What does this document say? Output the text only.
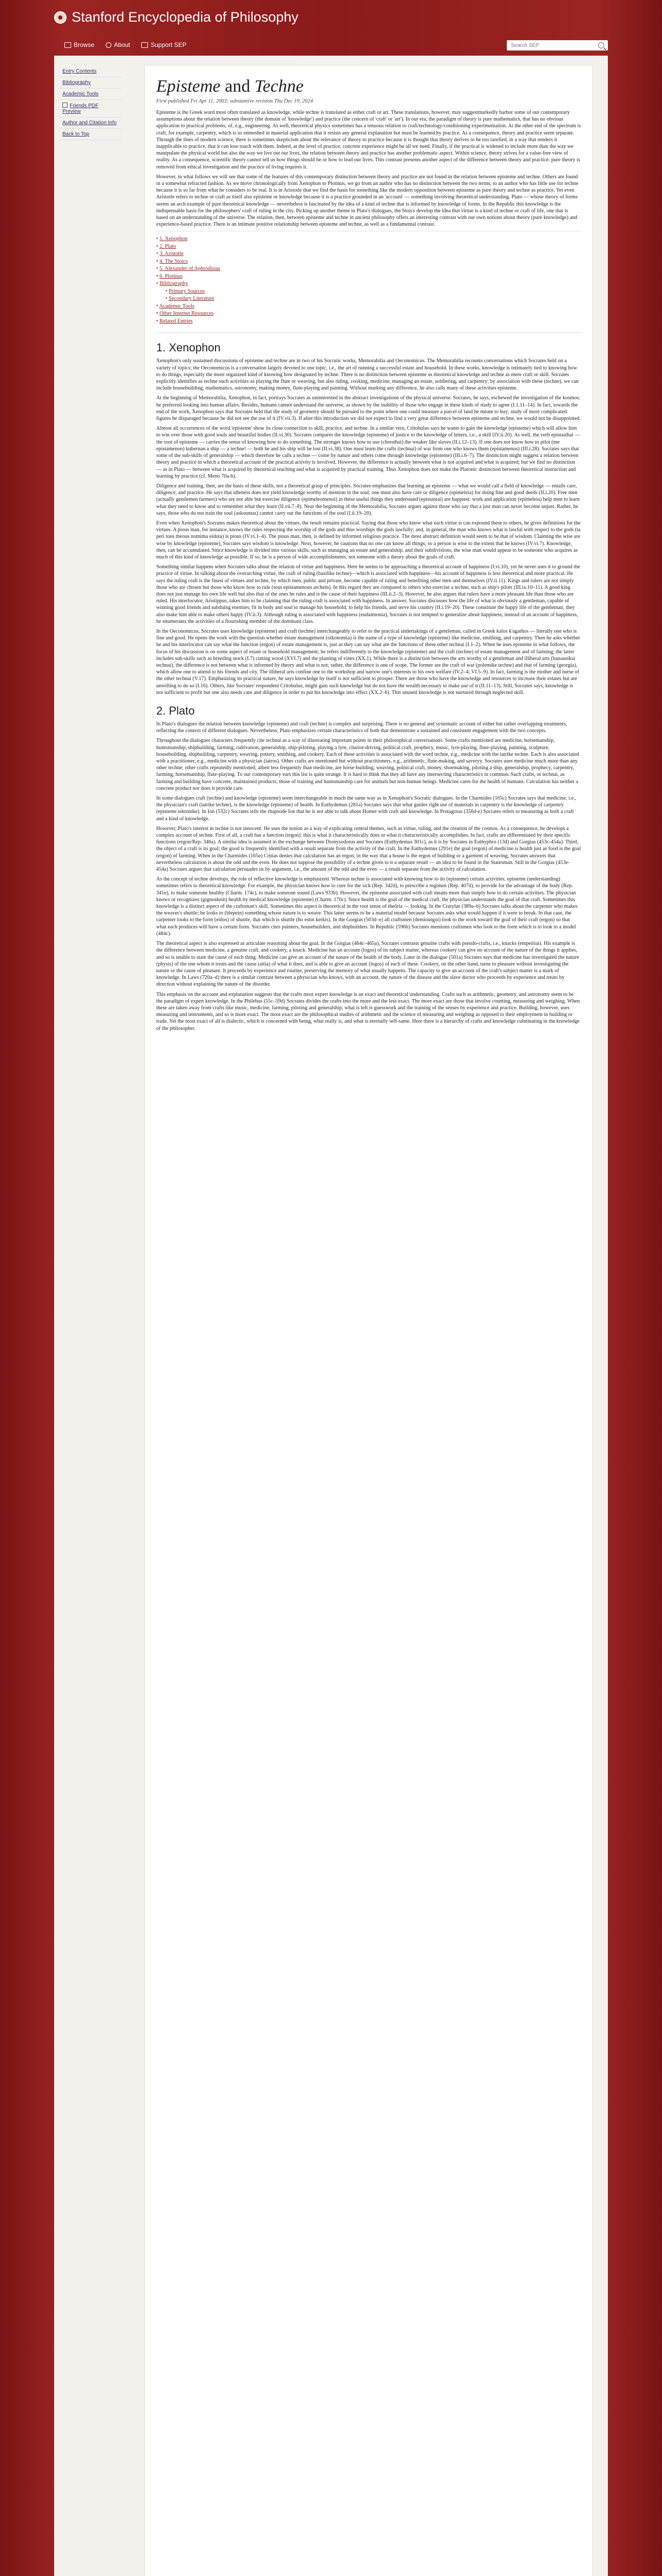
Stanford Encyclopedia of Philosophy
Browse	About	Support SEP
Search SEP
Entry Contents
Bibliography
Academic Tools
Friends PDF Preview
Author and Citation Info
Back to Top
Episteme and Techne
First published Fri Apr 11, 2003; substantive revision Thu Dec 19, 2024

Episteme is the Greek word most often translated as knowledge, while techne is translated as either craft or art. These translations, however, may suggestmarkedly harbor some of our contemporary assumptions about the relation between theory (the domain of 'knowledge') and practice (the concern of 'craft' or 'art'). In our era, the paradigm of theory is pure mathematics, that has no obvious application to practical problems; of, e.g., engineering. As well, theoretical physics sometimes has a tenuous relation to craft/technology/conditioning experimentation. At the other end of the spectrum is craft, for example, carpentry, which is so enmeshed in material application that it resists any general explanation but must be learned by practice. As a consequence, theory and practice seem separate. Through the lines of modern science, there is sometimes skepticism about the relevance of theory to practice because it is thought that theory derives to be too rarefied, in a way that renders it inapplicable to practice, that it can lose touch with them. Indeed, at the level of practice, concrete experience might be all we need. Finally, if the practical is widened to include more than the way we manipulate the physical world but also the way we live out our lives, the relation between theory and practice has another problematic aspect. Within science, theory strives for a value-free view of reality. As a consequence, scientific theory cannot tell us how things should be or how to lead our lives. This contrast presents another aspect of the difference between theory and practice: pure theory is removed from ethical investigation and the practice of living requires it.

However, in what follows we will see that some of the features of this contemporary distinction between theory and practice are not found in the relation between episteme and techne. Others are found in a somewhat refracted fashion. As we move chronologically from Xenophon to Plotinus, we go from an author who has no distinction between the two terms, to an author who has little use for techne because it is so far from what he considers to be real. It is in Aristotle that we find the basis for something like the modern opposition between episteme as pure theory and techne as practice. Yet even Aristotle refers to techne or craft as itself also episteme or knowledge because it is a practice grounded in an 'account' — something involving theoretical understanding. Plato — whose theory of forms seems an arch example of pure theoretical knowledge — nevertheless is fascinated by the idea of a kind of techne that is informed by knowledge of forms. In the Republic this knowledge is the indispensable basis for the philosophers' craft of ruling in the city. Picking up another theme in Plato's dialogues, the Stoics develop the idea that virtue is a kind of techne or craft of life, one that is based on an understanding of the universe. The relation, then, between episteme and techne in ancient philosophy offers an interesting contrast with our own notions about theory (pure knowledge) and experience-based practice. There is an intimate positive relationship between episteme and techne, as well as a fundamental contrast.

• 1. Xenophon
• 2. Plato
• 3. Aristotle
• 4. The Stoics
• 5. Alexander of Aphrodisias
• 6. Plotinus
• Bibliography
• Primary Sources
• Secondary Literature
• Academic Tools
• Other Internet Resources
• Related Entries
1. Xenophon

Xenophon's only sustained discussions of episteme and techne are in two of his Socratic works, Memorabilia and Oeconomicus. The Memorabilia recounts conversations which Socrates held on a variety of topics; the Oeconomicus is a conversation largely devoted to one topic, i.e., the art of running a successful estate and household. In these works, knowledge is intimately tied to knowing how to do things, especially the more organized kind of knowing how designated by techne. There is no distinction between episteme as theoretical knowledge and techne as mere craft or skill. Socrates explicitly identifies as techne such activities as playing the flute or weaving, but also riding, cooking, medicine, managing an estate, soldiering, and carpentry; by association with these (techne), we can include housebuilding, mathematics, astronomy, making money, flute-playing and painting. Without marking any difference, he also calls many of these activities episteme.

At the beginning of Memorabilia, Xenophon, in fact, portrays Socrates as uninterested in the abstract investigations of the physical universe. Socrates, he says, eschewed the investigation of the kosmos; he preferred looking into human affairs. Besides, humans cannot understand the universe, as shown by the inability of those who engage in these kinds of study to agree (I.1.11–14). In fact, towards the end of the work, Xenophon says that Socrates held that the study of geometry should be pursued to the point where one could measure a parcel of land he meant to buy; study of more complicated figures he disparaged because he did not see the use of it (IV.vii.3). If after this introduction we did not expect to find a very great difference between episteme and techne, we would not be disappointed.

Almost all occurrences of the word 'episteme' show its close connection to skill, practice, and techne. In a similar vein, Critobulus says he wants to gain the knowledge (episteme) which will allow him to win over those with good souls and beautiful bodies (II.vi.30). Socrates compares the knowledge (episteme) of justice to the knowledge of letters, i.e., a skill (IV.ii.20). As well, the verb epistasthai — the root of episteme — carries the sense of knowing how to do something. The stronger knows how to use (chresthai) the weaker like slaves (II.i.12–13). If one does not know how to pilot (me epistamenon) kubernan a ship — a techne! — both he and his ship will be lost (II.vi.38). One must learn the crafts (technai) of war from one who knows them (epistamenos) (III.i.28). Socrates says that some of the sub-skills of generalship — which therefore he calls a techne — come by nature and others come through knowledge (episteme) (III.i.6–7). The distinction might suggest a relation between theory and practice in which a theoretical account of the practical activity is involved. However, the difference is actually between what is not acquired and what is acquired; but we find no distinction — as in Plato — between what is acquired by theoretical teaching and what is acquired by practical training. Thus Xenophon does not make the Platonic distinction between theoretical instruction and learning by practice (cf. Meno 70a-b).

Diligence and training, then, are the basis of these skills, not a theoretical grasp of principles. Socrates emphasizes that learning an episteme — what we would call a field of knowledge — entails care, diligence, and practice. He says that idleness does not yield knowledge worthy of mention in the soul; one must also have care or diligence (epimeleia) for doing fine and good deeds (II.i.20). Free men (actually gentlemen farmers) who are not able but exercise diligence (epimeleomenoi) in these useful things they understand (epistantai) are happiest: work and application (epimeleia) help men to learn what they need to know and to remember what they learn (II.vii.7–8). Near the beginning of the Memorabilia, Socrates argues against those who say that a just man can never become unjust. Rather, he says, those who do not train the soul (askountas) cannot carry out the functions of the soul (I.ii.19–20).

Even when Xenophon's Socrates makes theoretical about the virtues, the result remains practical. Saying that those who know what each virtue is can expound these to others, he gives definitions for the virtues. A pious man, for instance, knows the rules respecting the worship of the gods and thus worships the gods lawfully; and, in general, the man who knows what is lawful with respect to the gods (ta peri tous theous nomima eidota) is pious (IV.vi.1–4). The pious man, then, is defined by informed religious practice. The most abstract definition would seem to be that of wisdom. Claiming the wise are wise by knowledge (episteme), Socrates says wisdom is knowledge. Next, however, he cautions that no one can know all things; so a person is wise to the extent that he knows (IV.vi.7). Knowledge, then, can be accumulated. Since knowledge is divided into various skills, such as managing an estate and generalship, and their subdivisions, the wise man would appear to be someone who acquires as much of this kind of knowledge as possible. If so, he is a person of wide accomplishments, not someone with a theory about the goals of craft.

Something similar happens when Socrates talks about the relation of virtue and happiness. Here he seems to be approaching a theoretical account of happiness (I.vi.10), yet he never uses it to ground the practice of virtue. In talking about the overarching virtue, the craft of ruling (basilike techne)—which is associated with happiness—his account of happiness is less theoretical and more practical. He says the ruling craft is the finest of virtues and techne, by which men, public and private, become capable of ruling and benefiting other men and themselves (IV.ii.11). Kings and rulers are not simply those who are chosen but those who know how to rule (tous epistamenous archein). In this regard they are compared to others who exercise a techne, such as ship's pilots (III.ix.10–11). A good king does not just manage his own life well but also that of the ones he rules and is the cause of their happiness (III.ii.2–3). However, he also argues that rulers have a more pleasant life than those who are ruled. His interlocutor, Aristippus, takes him to be claiming that the ruling craft is associated with happiness. In answer, Socrates discusses how the life of what is obviously a gentleman, capable of winning good friends and subduing enemies, fit in body and soul to manage his household, to help his friends, and serve his country (II.i.19–20). These constitute the happy life of the gentleman; they also make him able to make others happy (IV.ii.3). Although ruling is associated with happiness (eudaimonia), Socrates is not tempted to generalize about happiness; instead of an account of happiness, he enumerates the activities of a flourishing member of the dominant class.

In the Oeconomicus, Socrates uses knowledge (episteme) and craft (techne) interchangeably to refer to the practical undertakings of a gentleman, called in Greek kalos k'agathos — literally one who is fine and good. He opens the work with the question whether estate management (oikonomia) is the name of a type of knowledge (episteme) like medicine, smithing, and carpentry. Then he asks whether he and his interlocutor can say what the function (ergon) of estate management is, just as they can say what are the functions of these other technai (I.1–2). When he uses episteme in what follows, the focus of his discussion is on some aspect of estate or household management; he refers indifferently to the knowledge (episteme) and the craft (techne) of estate management and of farming; the latter includes sub-skills such as breeding stock (I.7) cutting wood (XVI.7) and the planting of vines (XX.1). While there is a distinction between the arts worthy of a gentleman and illiberal arts (banausikai technai), the difference is not between what is informed by theory and what is not; rather, the difference is one of scope. The former are the craft of war (polemike techne) and that of farming (georgia), which allow one to attend to his friends and city. The illiberal arts confine one to the workshop and narrow one's interests to his own welfare (IV.2–4; VI.5–9). In fact, farming is the mother and nurse of the other technai (V.17). Emphasizing its practical nature, he says knowledge by itself is not sufficient to prosper. There are those who have the knowledge and resources to increase their estates but are unwilling to do so (I.16). Others, like Socrates' respondent Critobulus, might gain such knowledge but do not have the wealth necessary to make use of it (II.11–13). Still, Socrates says, knowledge is not sufficient to profit but one also needs care and diligence in order to put his knowledge into effect (XX.2–6). This unused knowledge is not nurtured through neglected skill.

2. Plato

In Plato's dialogues the relation between knowledge (episteme) and craft (techne) is complex and surprising. There is no general and systematic account of either but rather overlapping treatments, reflecting the context of different dialogues. Nevertheless, Plato emphasizes certain characteristics of both that demonstrate a sustained and consistent engagement with the two concepts.

Throughout the dialogues characters frequently cite technai as a way of illustrating important points in their philosophical conversations. Some crafts mentioned are medicine, horsemanship, huntsmanship, shipbuilding, farming, cultivation, generalship, ship-piloting, playing a lyre, chariot-driving, political craft, prophecy, music, lyre-playing, flute-playing, painting, sculpture, housebuilding, shipbuilding, carpentry, weaving, pottery, smithing, and cookery. Each of these activities is associated with the word techne, e.g., medicine with the iatrike techne. Each is also associated with a practitioner, e.g., medicine with a physician (iatros). Other crafts are mentioned but without practitioners, e.g., arithmetic, flute-making, and saveryy. Socrates uses medicine much more than any other techne; other crafts repeatedly mentioned, albeit less frequently than medicine, are horse-building, weaving, political craft, money, shoemaking, piloting a ship, generalship, prophecy, carpentry, farming, horsemanship, flute-playing. To our contemporary ears this list is quite strange. It is hard to think that they all have any intersecting characteristics in common. Such crafts, or technai, as farming and building have concrete, maintained products; those of training and huntsmanship care for animals but non-human beings. Medicine cares for the health of humans. Calculation has neither a concrete product nor does it provide care.

In some dialogues craft (techne) and knowledge (episteme) seem interchangeable in much the same way as in Xenophon's Socratic dialogues. In the Charmides (165c) Socrates says that medicine, i.e., the physician's craft (iatrike techne), is the knowledge (episteme) of health. In Euthydemus (281a) Socrates says that what guides right use of materials in carpentry is the knowledge of carpentry (episteme tektonike). In Ion (532c) Socrates tells the rhapsode Ion that he is not able to talk about Homer with craft and knowledge. In Protagoras (356d-e) Socrates refers to measuring as both a craft and a kind of knowledge.

However, Plato's interest in techne is not innocent. He uses the notion as a way of explicating central themes, such as virtue, ruling, and the creation of the cosmos. As a consequence, he develops a complex account of techne. First of all, a craft has a function (ergon): this is what it characteristically does or what it characteristically accomplishes. In fact, crafts are differentiated by their specific functions (ergon/Rep. 346a). A similar idea is assumed in the exchange between Dionysodorus and Socrates (Euthydemus 301c), as it is by Socrates in Euthyphro (13d) and Gorgias (453c-454a). Third, the object of a craft is its goal; the good is frequently identified with a result separate from the activity of the craft. In the Euthydemus (291e) the goal (ergon) of medicine is health just as food is the goal (ergon) of farming. When in the Charmides (165e) Critias denies that calculation has an ergon, in the way that a house is the ergon of building or a garment of weaving, Socrates answers that nevertheless calculation is about the odd and the even. He does not suppose the possibility of a techne given to it a separate result — an idea to be found in the Statesman. Still in the Gorgias (453e-454a) Socrates argues that calculation persuades us by argument, i.e., the amount of the odd and the even — a result separate from the activity of calculation.

As the concept of techne develops, the role of reflective knowledge is emphasized. Whereas techne is associated with knowing how to do (episteme) certain activities, episteme (understanding) sometimes refers to theoretical knowledge. For example, the physician knows how to cure for the sick (Rep. 342d), to prescribe a regimen (Rep. 407d), to provide for the advantage of the body (Rep. 341e), to make someone healthy (Charm. 174c), to make someone sound (Laws 933b). However, the episteme associated with craft means more than simply how to do certain activities. The physician knows or recognizes (gignoskein) health by medical knowledge (episteme) (Charm. 170c). Since health is the goal of the medical craft, the physician understands the goal of that craft. Sometimes this knowledge is a distinct aspect of the craftsman's skill. Sometimes this aspect is theoretical in the root sense of theôria — looking. In the Cratylus (389a–b) Socrates talks about the carpenter who makes the weaver's shuttle; he looks to (blepein) something whose nature is to weave. This latter seems to be a material model because Socrates asks what would happen if it were to break. In that case, the carpenter looks to the form (eidos) of shuttle, that which is shuttle (ho estin kerkis). In the Gorgias (503d–e) all craftsmen (demiourgoi) look to the work toward the goal of their craft (ergon) so that what each produces will have a certain form. Socrates cites painters, housebuilders, and shipbuilders. In Republic (596b) Socrates mentions craftsmen who look to the form which is to look to a model (484c).

The theoretical aspect is also expressed as articulate reasoning about the goal. In the Gorgias (464c–465a), Socrates contrasts genuine crafts with pseudo-crafts, i.e., knacks (empeiriai). His example is the difference between medicine, a genuine craft, and cookery, a knack. Medicine has an account (logos) of its subject matter, whereas cookery can give no account of the nature of the things it applies, and so is unable to state the cause of each thing. Medicine can give an account of the nature of the health of the body. Later in the dialogue (501a) Socrates says that medicine has investigated the nature (physis) of the one whom it treats and the cause (aitia) of what it does, and is able to give an account (logos) of each of these. Cookery, on the other hand, turns to pleasure without investigating the nature or the cause of pleasure. It proceeds by experience and routine, preserving the memory of what usually happens. The capacity to give an account of the craft's subject matter is a mark of knowledge. In Laws (720a–d) there is a similar contrast between a physician who knows, with an account, the nature of the disease and the slave doctor who proceeds by experience and treats by direction without explaining the nature of the disorder.

This emphasis on the account and explanation suggests that the crafts most expert knowledge is an exact and theoretical understanding. Crafts such as arithmetic, geometry, and astronomy seem to be the paradigm of expert knowledge. In the Philebus (55c–59d) Socrates divides the crafts into the more and the less exact. The more exact are those that involve counting, measuring and weighing. When these are taken away from crafts like music, medicine, farming, piloting and generalship, what is left is guesswork and the training of the senses by experience and practice. Building, however, uses measuring and instruments, and so is more exact. The most exact are the philosophical studies of arithmetic and the science of measuring and weighing as opposed to their employment in building or trade. Yet the most exact of all is dialectic, which is concerned with being, what really is, and what is eternally self-same. Here there is a hierarchy of crafts and knowledge culminating in the knowledge of the philosopher.
